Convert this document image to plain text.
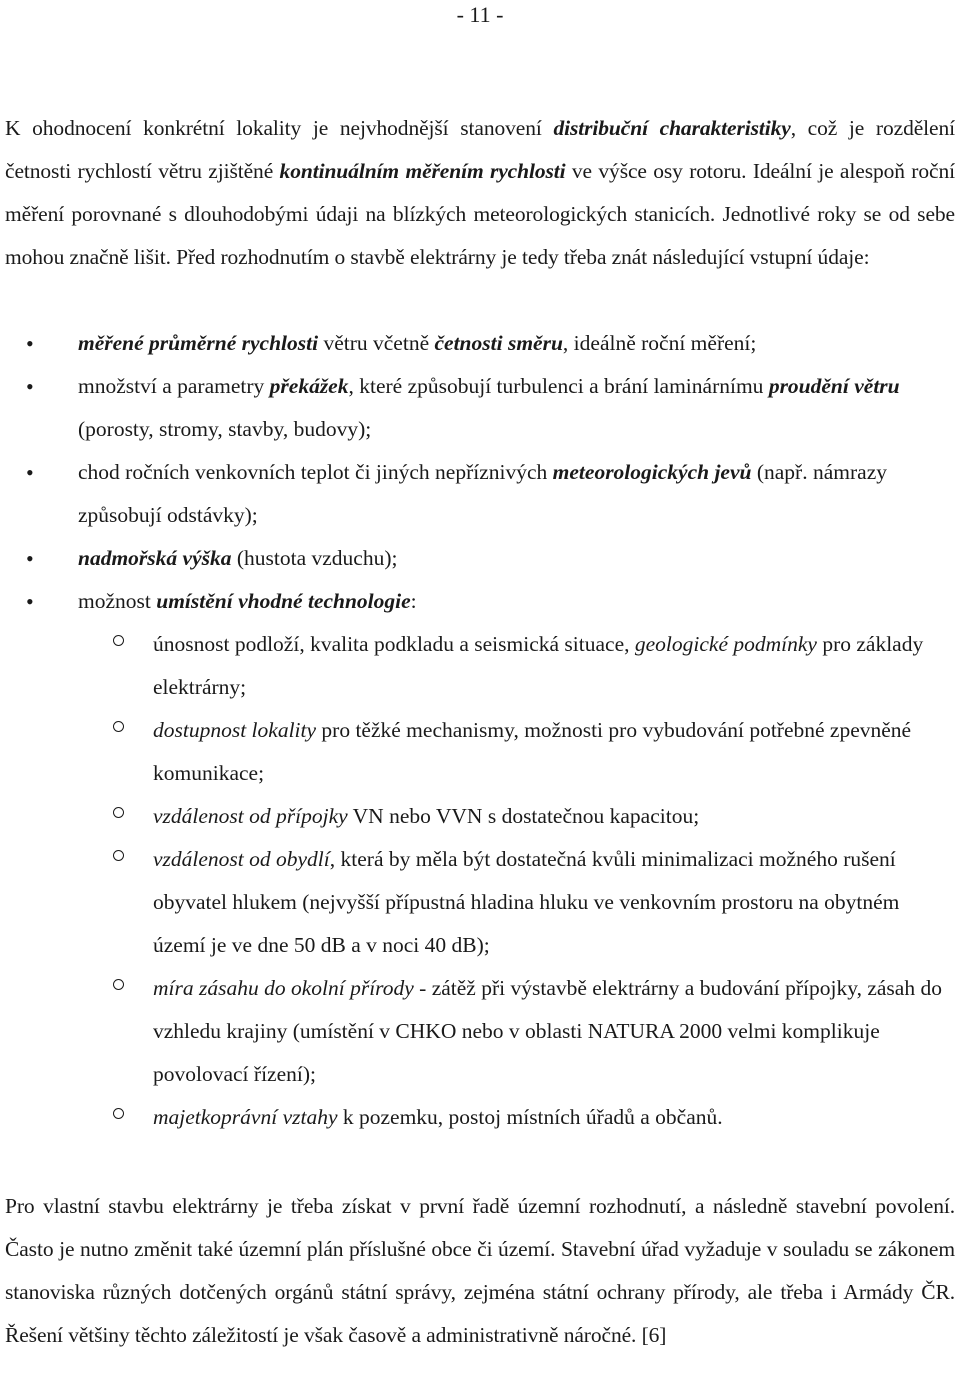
- 11 -

K ohodnocení konkrétní lokality je nejvhodnější stanovení distribuční charakteristiky, což je rozdělení četnosti rychlostí větru zjištěné kontinuálním měřením rychlosti ve výšce osy rotoru. Ideální je alespoň roční měření porovnané s dlouhodobými údaji na blízkých meteorologických stanicích. Jednotlivé roky se od sebe mohou značně lišit. Před rozhodnutím o stavbě elektrárny je tedy třeba znát následující vstupní údaje:

• měřené průměrné rychlosti větru včetně četnosti směru, ideálně roční měření;
• množství a parametry překážek, které způsobují turbulenci a brání laminárnímu proudění větru (porosty, stromy, stavby, budovy);
• chod ročních venkovních teplot či jiných nepříznivých meteorologických jevů (např. námrazy způsobují odstávky);
• nadmořská výška (hustota vzduchu);
• možnost umístění vhodné technologie:
únosnost podloží, kvalita podkladu a seismická situace, geologické podmínky pro základy elektrárny;
dostupnost lokality pro těžké mechanismy, možnosti pro vybudování potřebné zpevněné komunikace;
vzdálenost od přípojky VN nebo VVN s dostatečnou kapacitou;
vzdálenost od obydlí, která by měla být dostatečná kvůli minimalizaci možného rušení obyvatel hlukem (nejvyšší přípustná hladina hluku ve venkovním prostoru na obytném území je ve dne 50 dB a v noci 40 dB);
míra zásahu do okolní přírody - zátěž při výstavbě elektrárny a budování přípojky, zásah do vzhledu krajiny (umístění v CHKO nebo v oblasti NATURA 2000 velmi komplikuje povolovací řízení);
majetkoprávní vztahy k pozemku, postoj místních úřadů a občanů.

Pro vlastní stavbu elektrárny je třeba získat v první řadě územní rozhodnutí, a následně stavební povolení. Často je nutno změnit také územní plán příslušné obce či území. Stavební úřad vyžaduje v souladu se zákonem stanoviska různých dotčených orgánů státní správy, zejména státní ochrany přírody, ale třeba i Armády ČR. Řešení většiny těchto záležitostí je však časově a administrativně náročné. [6]
